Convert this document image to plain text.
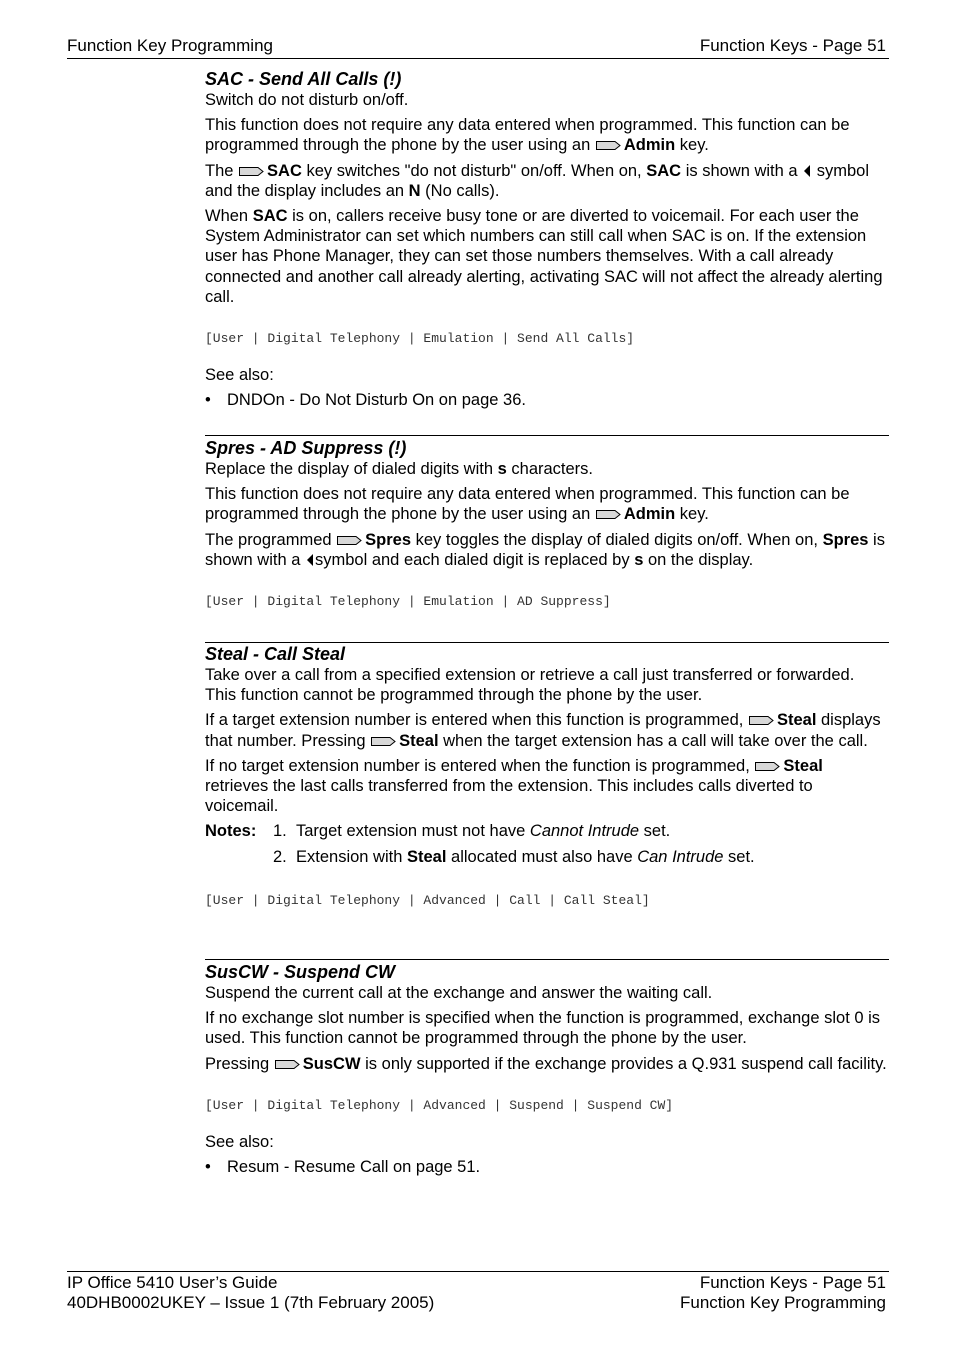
Function Key Programming	Function Keys - Page 51
SAC - Send All Calls (!)

Switch do not disturb on/off.

This function does not require any data entered when programmed. This function can be programmed through the phone by the user using an Admin key.

The SAC key switches "do not disturb" on/off. When on, SAC is shown with a symbol and the display includes an N (No calls).

When SAC is on, callers receive busy tone or are diverted to voicemail. For each user the System Administrator can set which numbers can still call when SAC is on. If the extension user has Phone Manager, they can set those numbers themselves. With a call already connected and another call already alerting, activating SAC will not affect the already alerting call.

[User | Digital Telephony | Emulation | Send All Calls]

See also:

• DNDOn - Do Not Disturb On on page 36.
Spres - AD Suppress (!)

Replace the display of dialed digits with s characters.

This function does not require any data entered when programmed. This function can be programmed through the phone by the user using an Admin key.

The programmed Spres key toggles the display of dialed digits on/off. When on, Spres is shown with a symbol and each dialed digit is replaced by s on the display.

[User | Digital Telephony | Emulation | AD Suppress]

Steal - Call Steal

Take over a call from a specified extension or retrieve a call just transferred or forwarded. This function cannot be programmed through the phone by the user.

If a target extension number is entered when this function is programmed, Steal displays that number. Pressing Steal when the target extension has a call will take over the call.

If no target extension number is entered when the function is programmed, Steal retrieves the last calls transferred from the extension. This includes calls diverted to voicemail.

Notes:	1. Target extension must not have Cannot Intrude set.
2. Extension with Steal allocated must also have Can Intrude set.

[User | Digital Telephony | Advanced | Call | Call Steal]

SusCW - Suspend CW

Suspend the current call at the exchange and answer the waiting call.

If no exchange slot number is specified when the function is programmed, exchange slot 0 is used. This function cannot be programmed through the phone by the user.

Pressing SusCW is only supported if the exchange provides a Q.931 suspend call facility.

[User | Digital Telephony | Advanced | Suspend | Suspend CW]

See also:

• Resum - Resume Call on page 51.
IP Office 5410 User’s Guide	Function Keys - Page 51
40DHB0002UKEY – Issue 1 (7th February 2005)	Function Key Programming
